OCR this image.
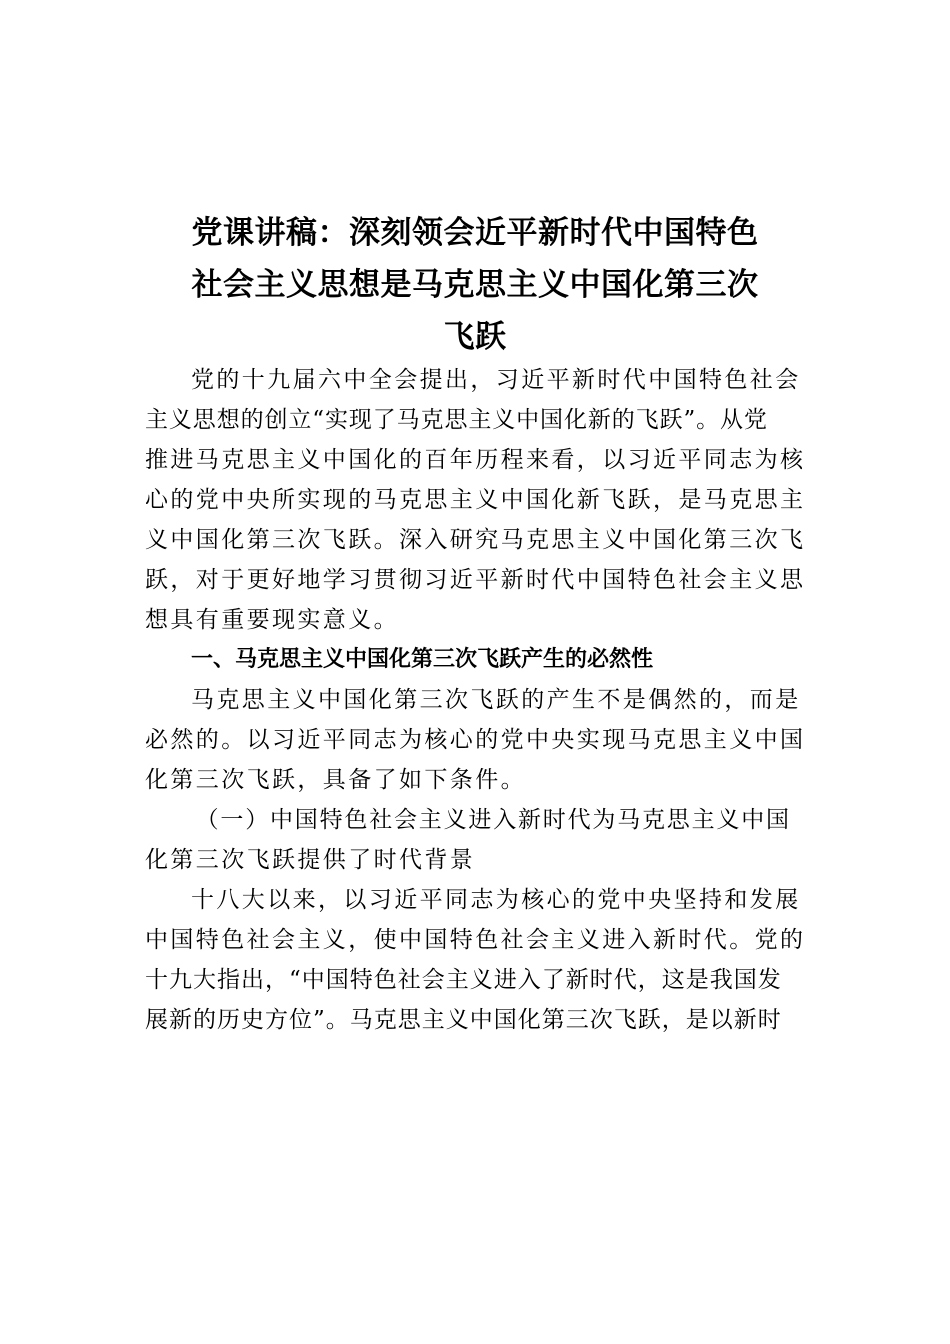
党课讲稿：深刻领会近平新时代中国特色
社会主义思想是马克思主义中国化第三次
飞跃

党的十九届六中全会提出，习近平新时代中国特色社会
主义思想的创立“实现了马克思主义中国化新的飞跃”。从党
推进马克思主义中国化的百年历程来看，以习近平同志为核
心的党中央所实现的马克思主义中国化新飞跃，是马克思主
义中国化第三次飞跃。深入研究马克思主义中国化第三次飞
跃，对于更好地学习贯彻习近平新时代中国特色社会主义思
想具有重要现实意义。

一、马克思主义中国化第三次飞跃产生的必然性

马克思主义中国化第三次飞跃的产生不是偶然的，而是
必然的。以习近平同志为核心的党中央实现马克思主义中国
化第三次飞跃，具备了如下条件。

（一）中国特色社会主义进入新时代为马克思主义中国
化第三次飞跃提供了时代背景

十八大以来，以习近平同志为核心的党中央坚持和发展
中国特色社会主义，使中国特色社会主义进入新时代。党的
十九大指出，“中国特色社会主义进入了新时代，这是我国发
展新的历史方位”。马克思主义中国化第三次飞跃，是以新时
